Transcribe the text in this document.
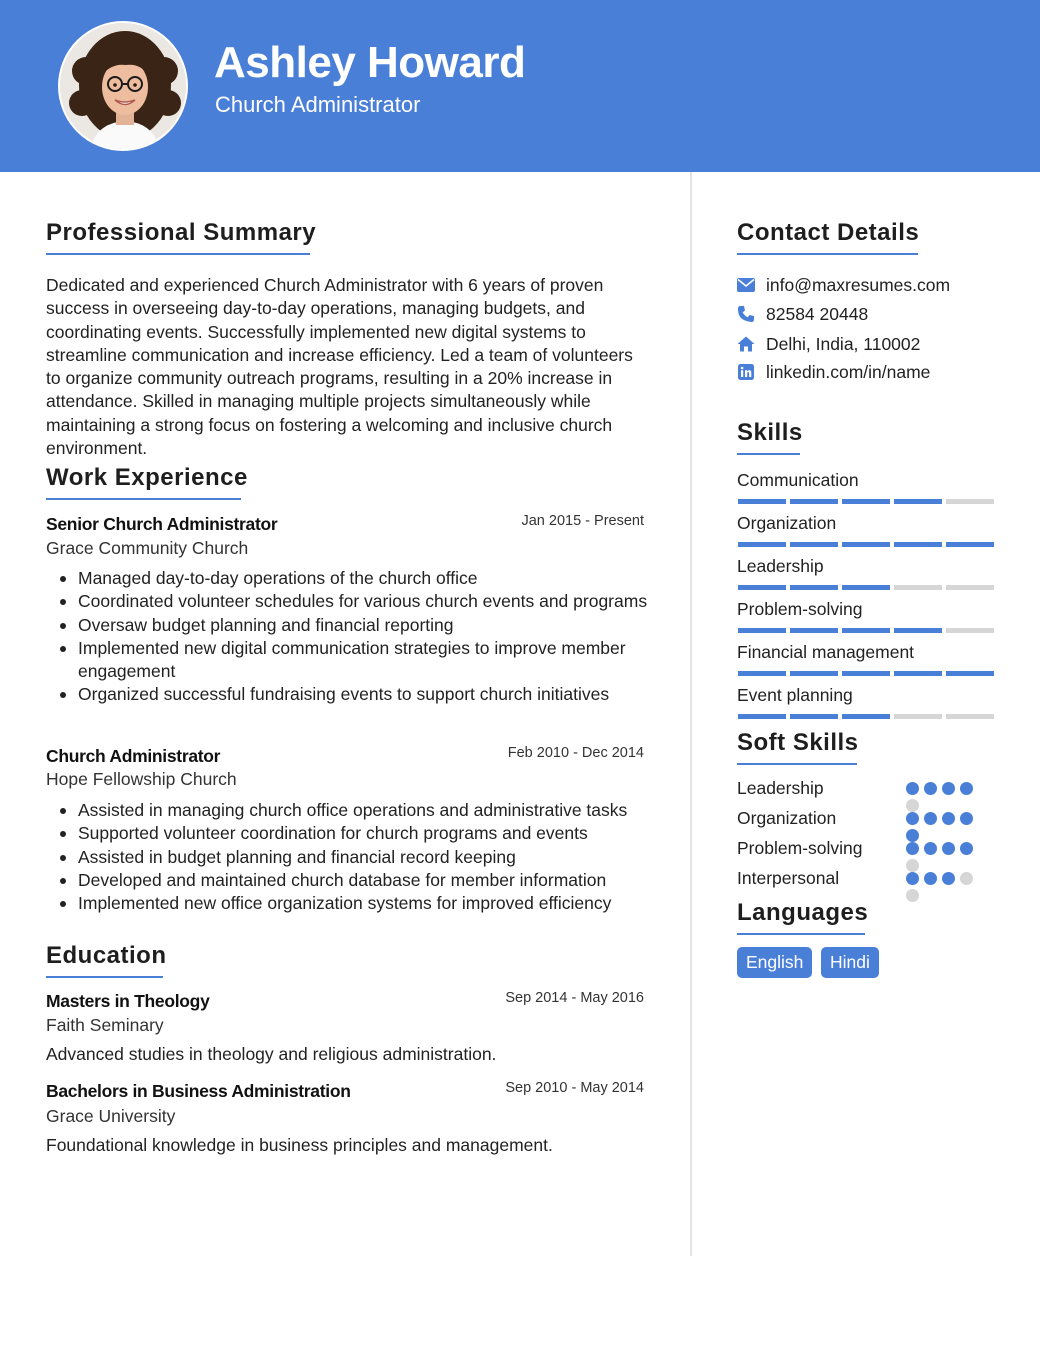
Ashley Howard
Church Administrator
Professional Summary
Dedicated and experienced Church Administrator with 6 years of proven success in overseeing day-to-day operations, managing budgets, and coordinating events. Successfully implemented new digital systems to streamline communication and increase efficiency. Led a team of volunteers to organize community outreach programs, resulting in a 20% increase in attendance. Skilled in managing multiple projects simultaneously while maintaining a strong focus on fostering a welcoming and inclusive church environment.
Work Experience
Senior Church Administrator	Jan 2015 - Present
Grace Community Church
Managed day-to-day operations of the church office
Coordinated volunteer schedules for various church events and programs
Oversaw budget planning and financial reporting
Implemented new digital communication strategies to improve member engagement
Organized successful fundraising events to support church initiatives
Church Administrator	Feb 2010 - Dec 2014
Hope Fellowship Church
Assisted in managing church office operations and administrative tasks
Supported volunteer coordination for church programs and events
Assisted in budget planning and financial record keeping
Developed and maintained church database for member information
Implemented new office organization systems for improved efficiency
Education
Masters in Theology	Sep 2014 - May 2016
Faith Seminary
Advanced studies in theology and religious administration.
Bachelors in Business Administration	Sep 2010 - May 2014
Grace University
Foundational knowledge in business principles and management.
Contact Details
info@maxresumes.com
82584 20448
Delhi, India, 110002
linkedin.com/in/name
Skills
Communication
Organization
Leadership
Problem-solving
Financial management
Event planning
Soft Skills
Leadership
Organization
Problem-solving
Interpersonal
Languages
English	Hindi
